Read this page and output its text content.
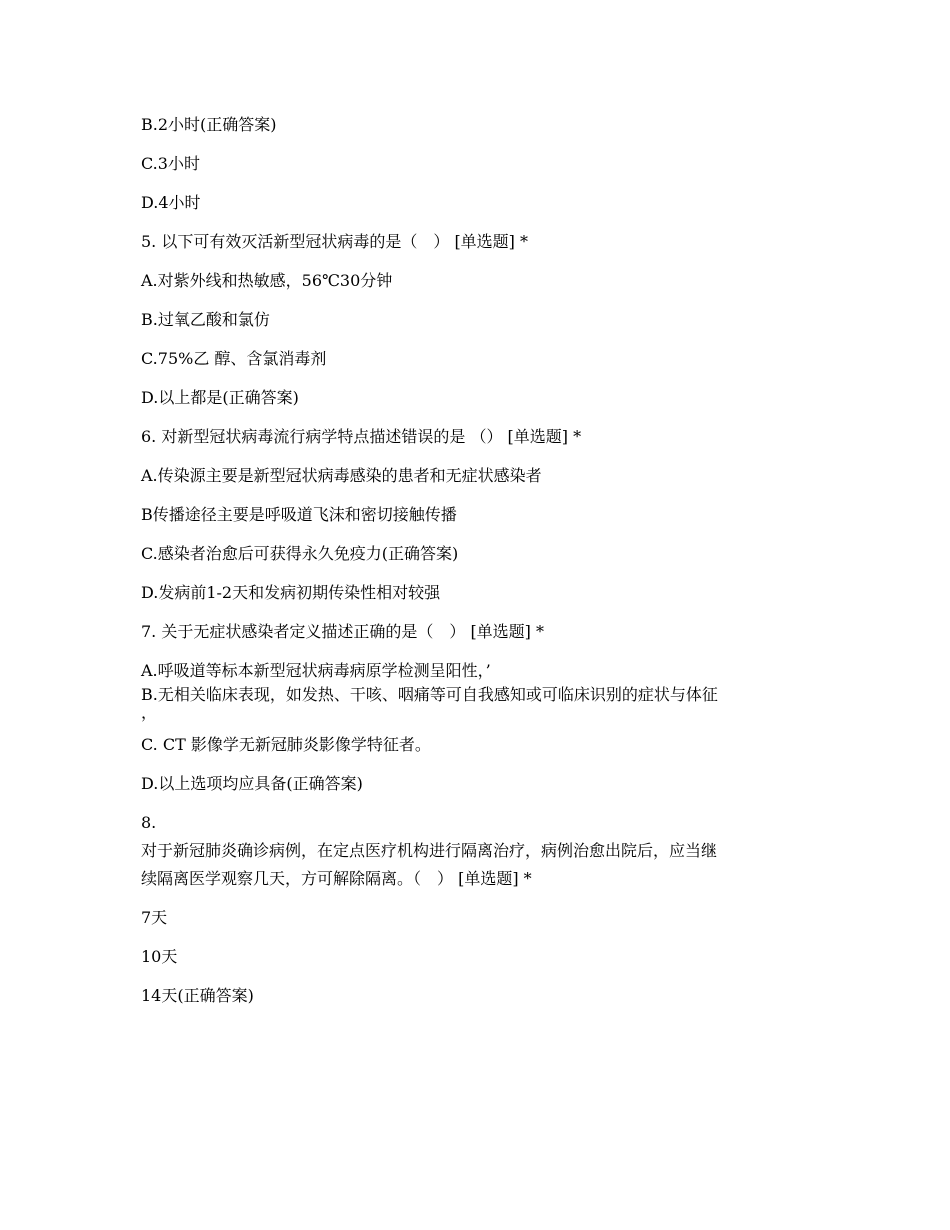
B.2小时(正确答案)
C.3小时
D.4小时
5. 以下可有效灭活新型冠状病毒的是（　） [单选题] *
A.对紫外线和热敏感，56℃30分钟
B.过氧乙酸和氯仿
C.75%乙 醇、含氯消毒剂
D.以上都是(正确答案)
6. 对新型冠状病毒流行病学特点描述错误的是 （） [单选题] *
A.传染源主要是新型冠状病毒感染的患者和无症状感染者
B传播途径主要是呼吸道飞沫和密切接触传播
C.感染者治愈后可获得永久免疫力(正确答案)
D.发病前1-2天和发病初期传染性相对较强
7. 关于无症状感染者定义描述正确的是（　） [单选题] *
A.呼吸道等标本新型冠状病毒病原学检测呈阳性，’
B.无相关临床表现，如发热、干咳、咽痛等可自我感知或可临床识别的症状与体征
，
C. CT 影像学无新冠肺炎影像学特征者。
D.以上选项均应具备(正确答案)
8.
对于新冠肺炎确诊病例，在定点医疗机构进行隔离治疗，病例治愈出院后，应当继
续隔离医学观察几天，方可解除隔离。（　） [单选题] *
7天
10天
14天(正确答案)
